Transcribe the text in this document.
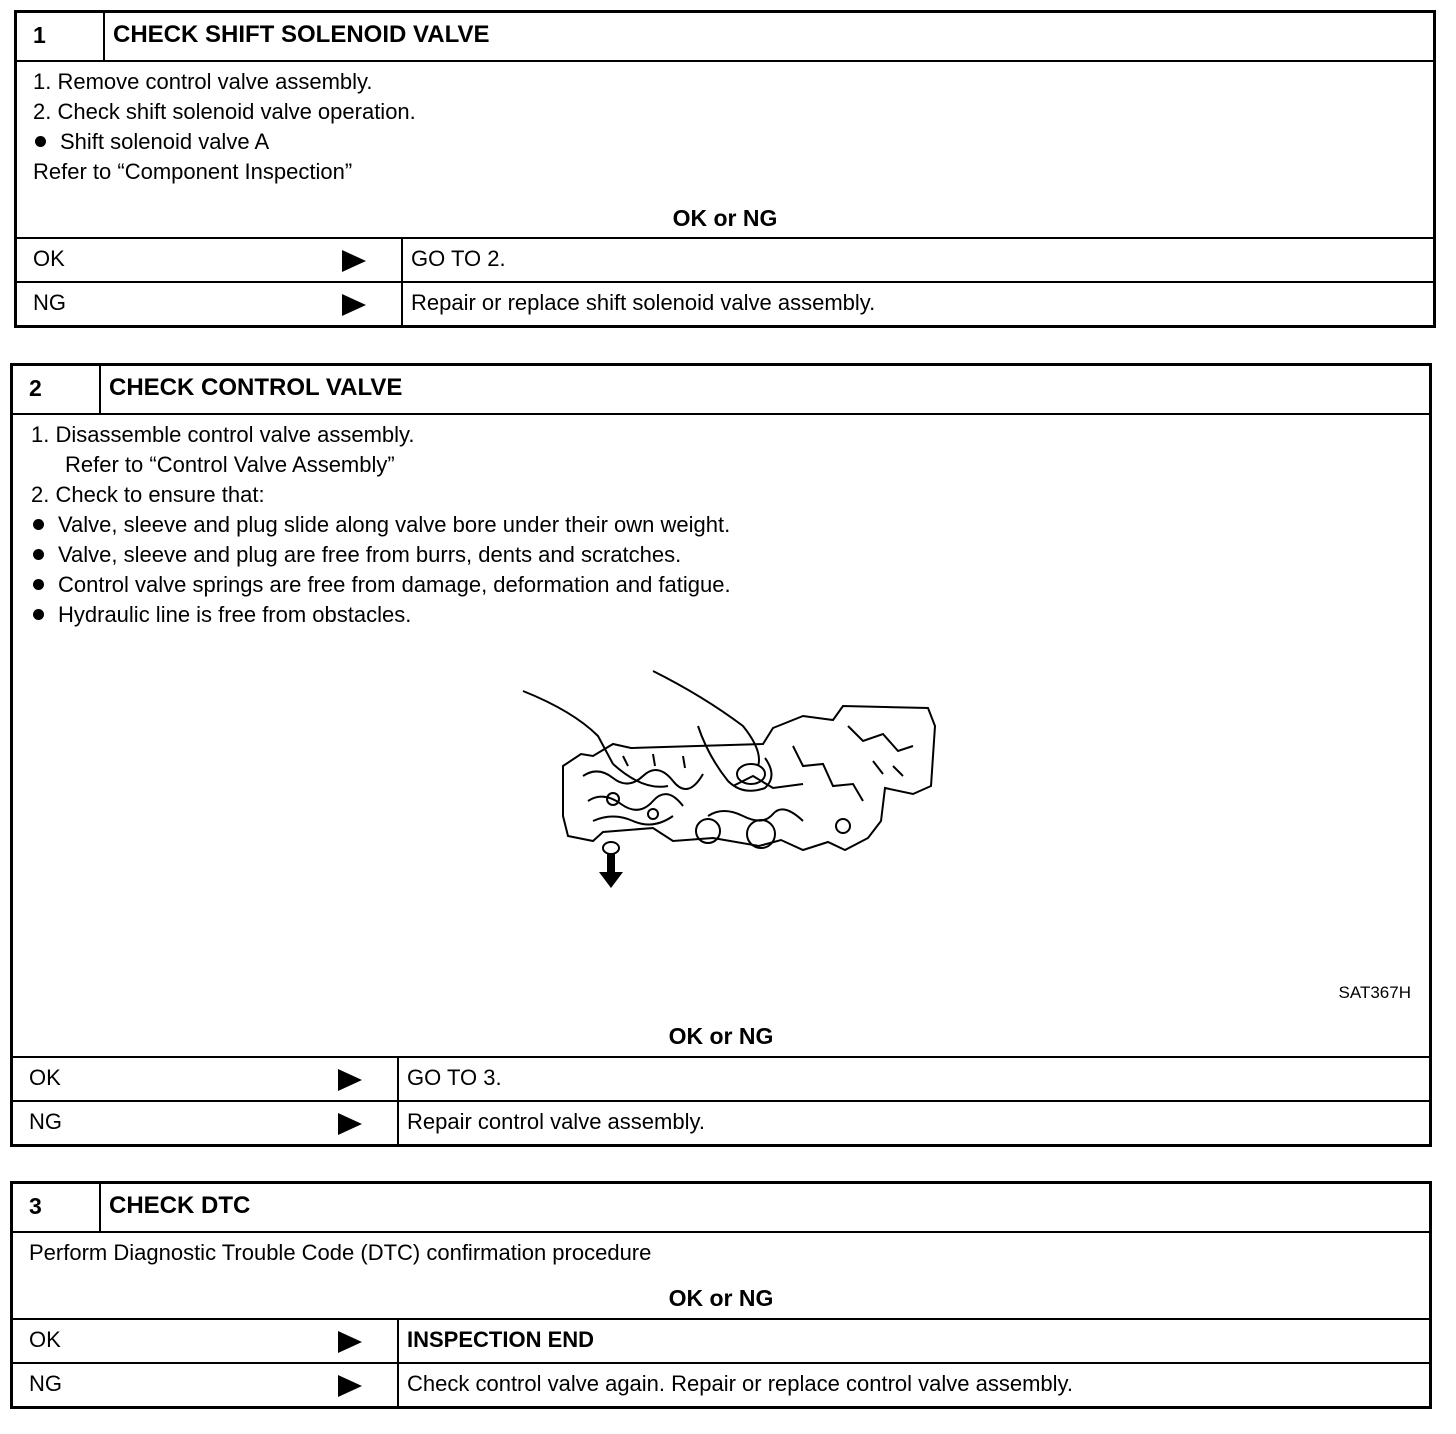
1	CHECK SHIFT SOLENOID VALVE
1. Remove control valve assembly.
2. Check shift solenoid valve operation.
Shift solenoid valve A
Refer to “Component Inspection”
OK or NG
OK	GO TO 2.
NG	Repair or replace shift solenoid valve assembly.
2	CHECK CONTROL VALVE
1. Disassemble control valve assembly.
Refer to “Control Valve Assembly”
2. Check to ensure that:
Valve, sleeve and plug slide along valve bore under their own weight.
Valve, sleeve and plug are free from burrs, dents and scratches.
Control valve springs are free from damage, deformation and fatigue.
Hydraulic line is free from obstacles.
SAT367H
OK or NG
OK	GO TO 3.
NG	Repair control valve assembly.
3	CHECK DTC
Perform Diagnostic Trouble Code (DTC) confirmation procedure
OK or NG
OK	INSPECTION END
NG	Check control valve again. Repair or replace control valve assembly.
